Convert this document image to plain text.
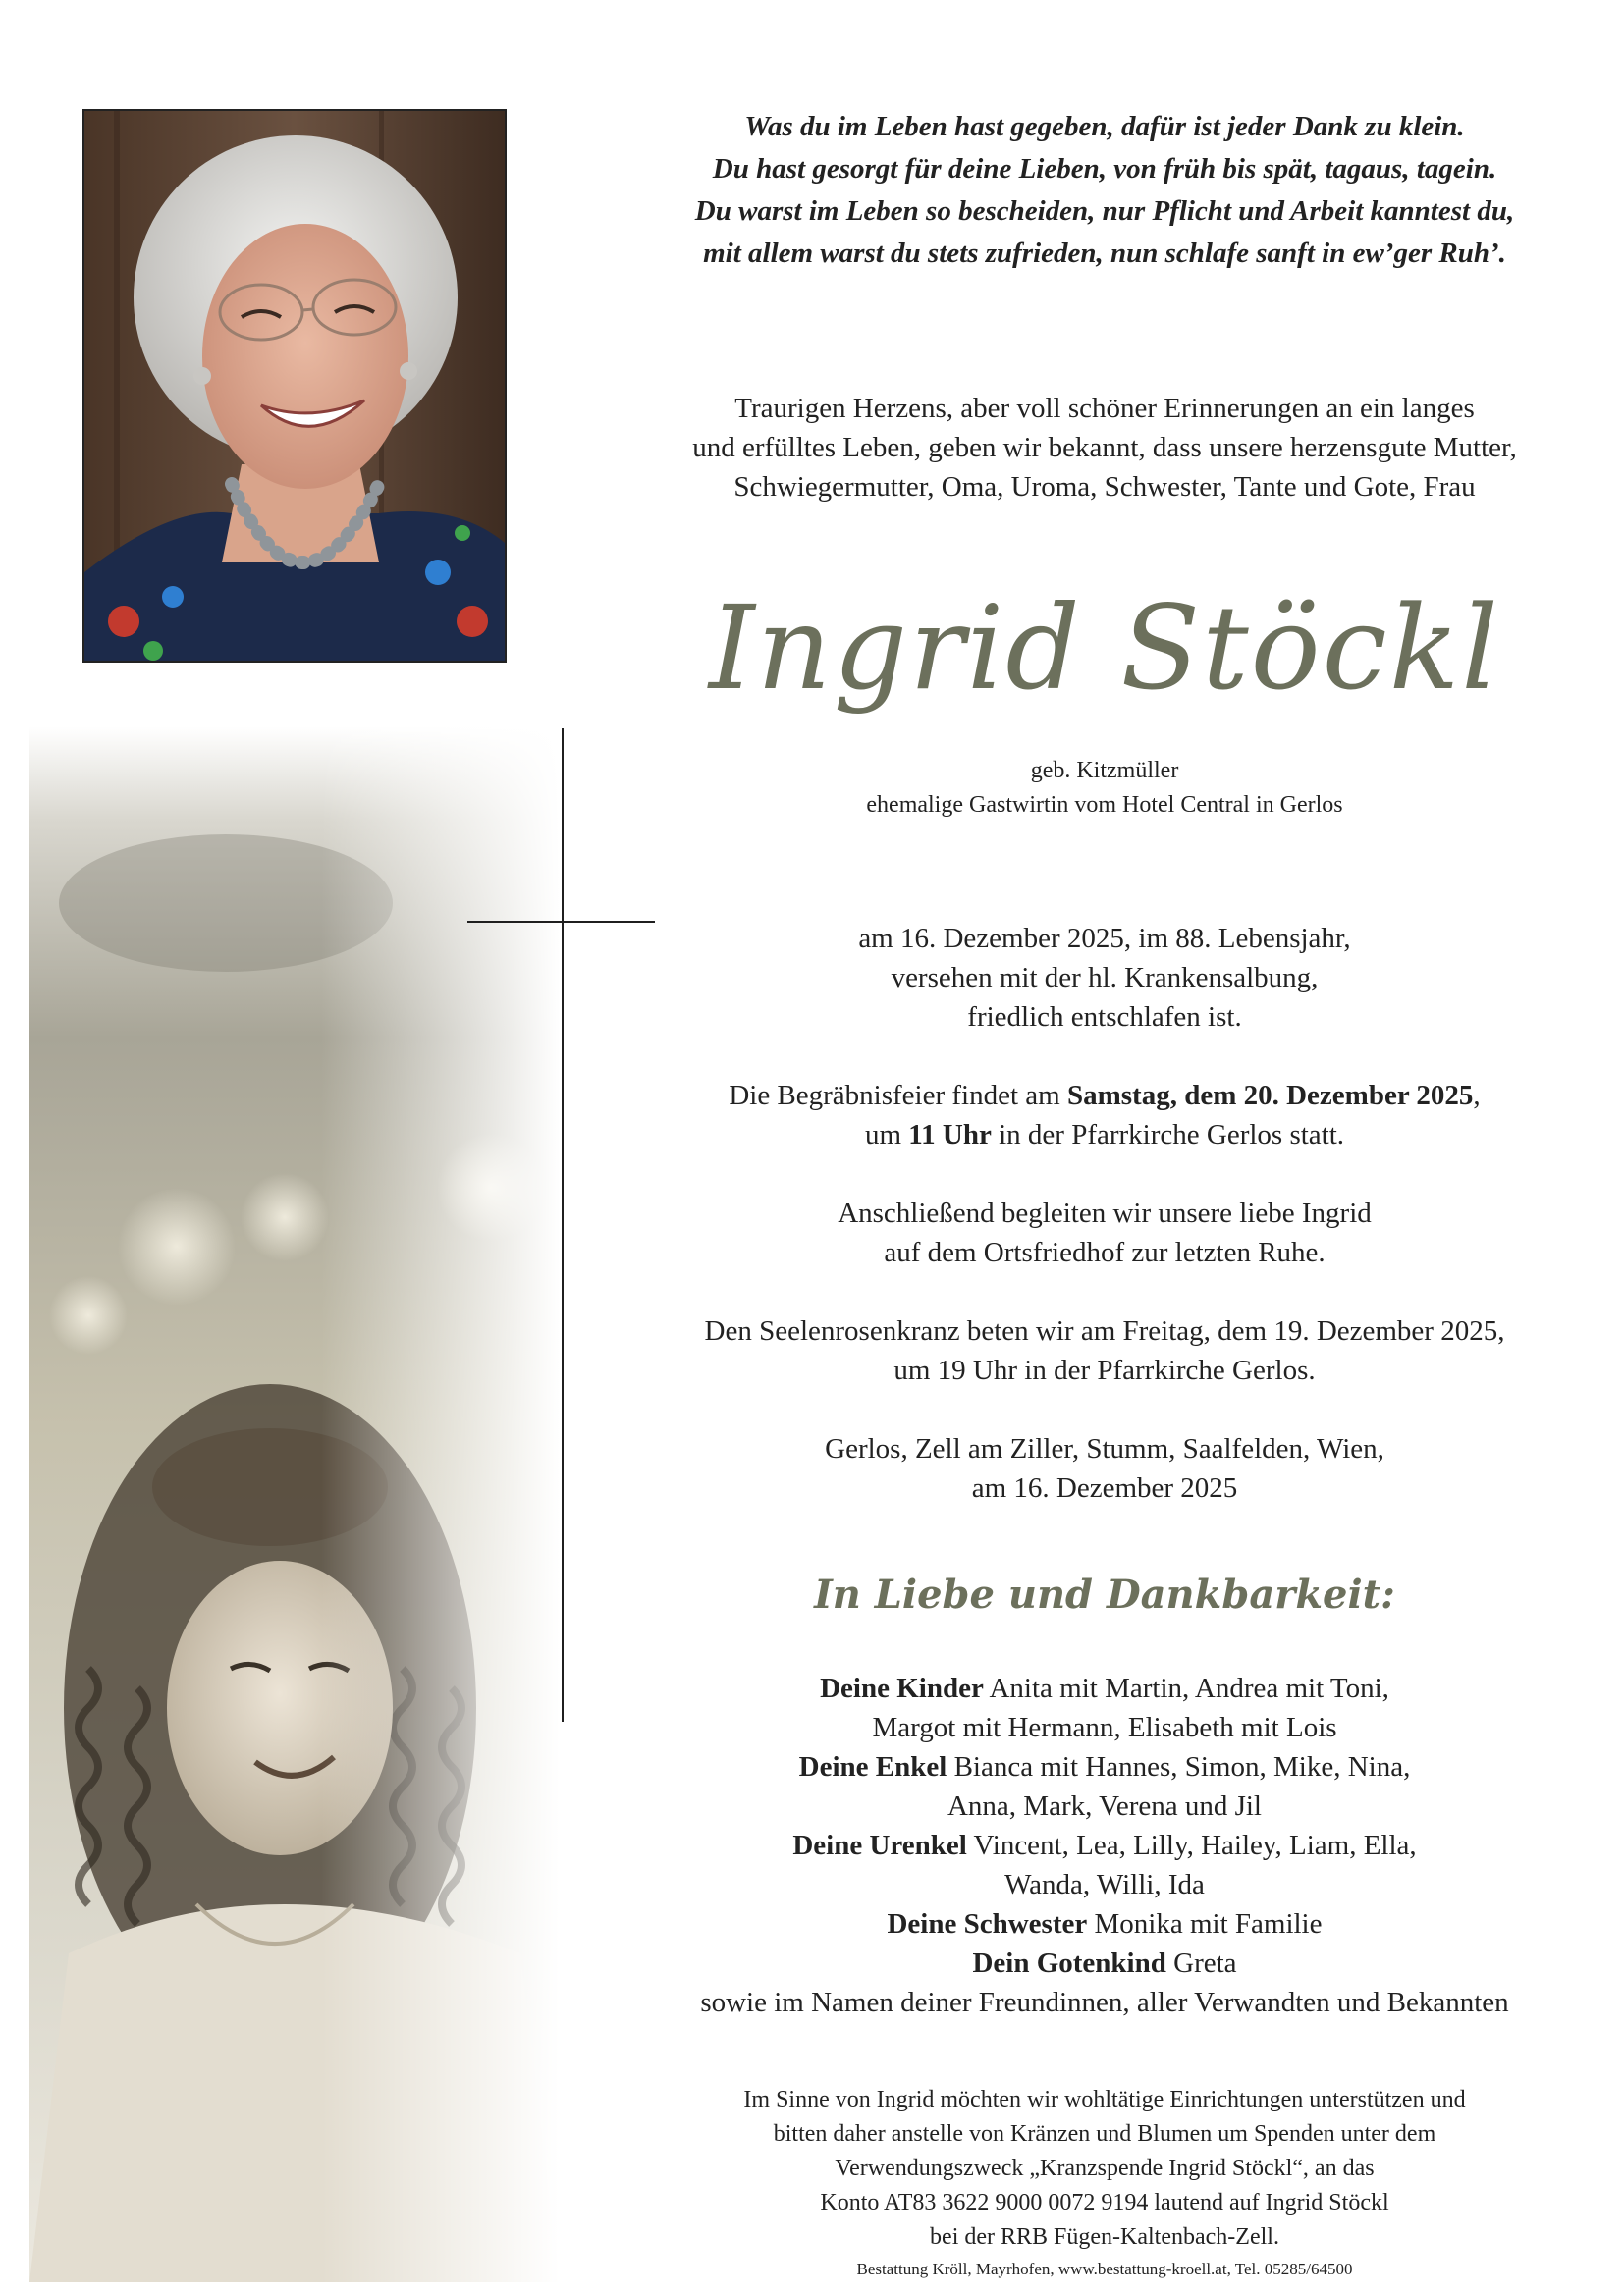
Was du im Leben hast gegeben, dafür ist jeder Dank zu klein.
Du hast gesorgt für deine Lieben, von früh bis spät, tagaus, tagein.
Du warst im Leben so bescheiden, nur Pflicht und Arbeit kanntest du,
mit allem warst du stets zufrieden, nun schlafe sanft in ew’ger Ruh’.
Traurigen Herzens, aber voll schöner Erinnerungen an ein langes
und erfülltes Leben, geben wir bekannt, dass unsere herzensgute Mutter,
Schwiegermutter, Oma, Uroma, Schwester, Tante und Gote, Frau
Ingrid Stöckl
geb. Kitzmüller
ehemalige Gastwirtin vom Hotel Central in Gerlos
am 16. Dezember 2025, im 88. Lebensjahr,
versehen mit der hl. Krankensalbung,
friedlich entschlafen ist.
Die Begräbnisfeier findet am Samstag, dem 20. Dezember 2025,
um 11 Uhr in der Pfarrkirche Gerlos statt.
Anschließend begleiten wir unsere liebe Ingrid
auf dem Ortsfriedhof zur letzten Ruhe.
Den Seelenrosenkranz beten wir am Freitag, dem 19. Dezember 2025,
um 19 Uhr in der Pfarrkirche Gerlos.
Gerlos, Zell am Ziller, Stumm, Saalfelden, Wien,
am 16. Dezember 2025
In Liebe und Dankbarkeit:
Deine Kinder Anita mit Martin, Andrea mit Toni,
Margot mit Hermann, Elisabeth mit Lois
Deine Enkel Bianca mit Hannes, Simon, Mike, Nina,
Anna, Mark, Verena und Jil
Deine Urenkel Vincent, Lea, Lilly, Hailey, Liam, Ella,
Wanda, Willi, Ida
Deine Schwester Monika mit Familie
Dein Gotenkind Greta
sowie im Namen deiner Freundinnen, aller Verwandten und Bekannten
Im Sinne von Ingrid möchten wir wohltätige Einrichtungen unterstützen und
bitten daher anstelle von Kränzen und Blumen um Spenden unter dem
Verwendungszweck „Kranzspende Ingrid Stöckl“, an das
Konto AT83 3622 9000 0072 9194 lautend auf Ingrid Stöckl
bei der RRB Fügen-Kaltenbach-Zell.
Bestattung Kröll, Mayrhofen, www.bestattung-kroell.at, Tel. 05285/64500
